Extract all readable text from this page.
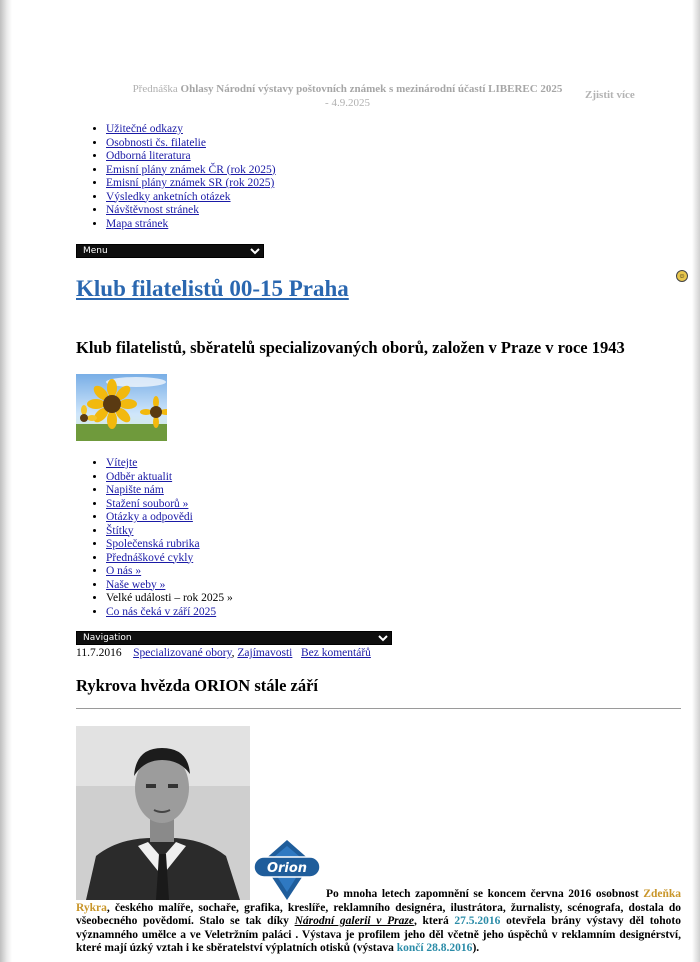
Přednáška Ohlasy Národní výstavy poštovních známek s mezinárodní účastí LIBEREC 2025
- 4.9.2025
Zjistit více
• Užitečné odkazy
• Osobnosti čs. filatelie
• Odborná literatura
• Emisní plány známek ČR (rok 2025)
• Emisní plány známek SR (rok 2025)
• Výsledky anketních otázek
• Návštěvnost stránek
• Mapa stránek
Menu
Klub filatelistů 00-15 Praha	☺
Klub filatelistů, sběratelů specializovaných oborů, založen v Praze v roce 1943
• Vítejte
• Odběr aktualit
• Napište nám
• Stažení souborů »
• Otázky a odpovědi
• Štítky
• Společenská rubrika
• Přednáškové cykly
• O nás »
• Naše weby »
• Velké události – rok 2025 »
• Co nás čeká v září 2025
Navigation
11.7.2016 Specializované obory, Zajímavosti Bez komentářů
Rykrova hvězda ORION stále září
Orion

Po mnoha letech zapomnění se koncem června 2016 osobnost Zdeňka Rykra, českého malíře, sochaře, grafika, kreslíře, reklamního designéra, ilustrátora, žurnalisty, scénografa, dostala do všeobecného povědomí. Stalo se tak díky Národní galerii v Praze, která 27.5.2016 otevřela brány výstavy děl tohoto významného umělce a ve Veletržním paláci . Výstava je profilem jeho děl včetně jeho úspěchů v reklamním designérství, které mají úzký vztah i ke sběratelství výplatních otisků (výstava končí 28.8.2016).
